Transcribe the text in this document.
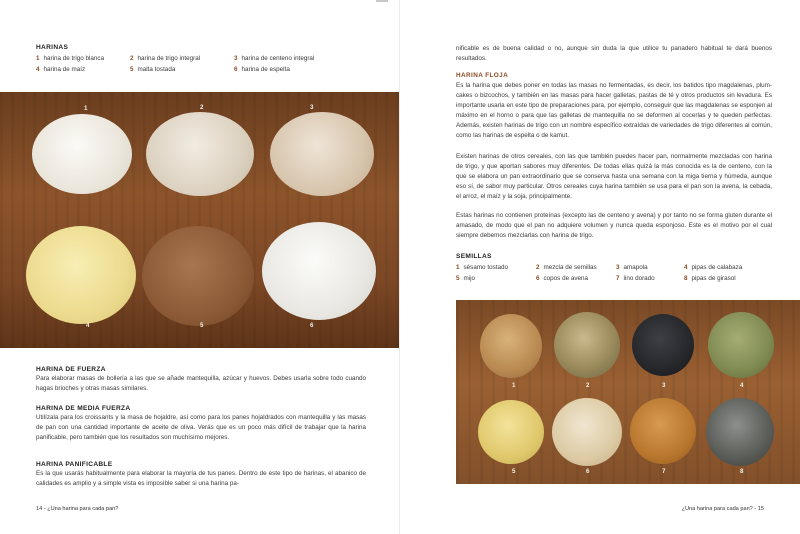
HARINAS
1 harina de trigo blanca	2 harina de trigo integral	3 harina de centeno integral
4 harina de maíz	5 malta tostada	6 harina de espelta
1	2	3
4	5	6
HARINA DE FUERZA
Para elaborar masas de bollería a las que se añade mantequilla, azúcar y huevos. Debes usarla sobre todo cuando hagas brioches y otras masas similares.
HARINA DE MEDIA FUERZA
Utilízala para los croissants y la masa de hojaldre, así como para los panes hojaldrados con mantequilla y las masas de pan con una cantidad importante de aceite de oliva. Verás que es un poco más difícil de trabajar que la harina panificable, pero también que los resultados son muchísimo mejores.
HARINA PANIFICABLE
Es la que usarás habitualmente para elaborar la mayoría de tus panes. Dentro de este tipo de harinas, el abanico de calidades es amplio y a simple vista es imposible saber si una harina pa-
14 - ¿Una harina para cada pan?
nificable es de buena calidad o no, aunque sin duda la que utilice tu panadero habitual te dará buenos resultados.
HARINA FLOJA
Es la harina que debes poner en todas las masas no fermentadas, es decir, los batidos tipo magdalenas, plum-cakes o bizcochos, y también en las masas para hacer galletas, pastas de té y otros productos sin levadura. Es importante usarla en este tipo de preparaciones para, por ejemplo, conseguir que las magdalenas se esponjen al máximo en el horno o para que las galletas de mantequilla no se deformen al cocerlas y te queden perfectas. Además, existen harinas de trigo con un nombre específico extraídas de variedades de trigo diferentes al común, como las harinas de espelta o de kamut.
Existen harinas de otros cereales, con las que también puedes hacer pan, normalmente mezcladas con harina de trigo, y que aportan sabores muy diferentes. De todas ellas quizá la más conocida es la de centeno, con la que se elabora un pan extraordinario que se conserva hasta una semana con la miga tierna y húmeda, aunque eso sí, de sabor muy particular. Otros cereales cuya harina también se usa para el pan son la avena, la cebada, el arroz, el maíz y la soja, principalmente.
Estas harinas no contienen proteínas (excepto las de centeno y avena) y por tanto no se forma gluten durante el amasado, de modo que el pan no adquiere volumen y nunca queda esponjoso. Este es el motivo por el cual siempre debemos mezclarlas con harina de trigo.
SEMILLAS
1 sésamo tostado	2 mezcla de semillas	3 amapola	4 pipas de calabaza
5 mijo	6 copos de avena	7 lino dorado	8 pipas de girasol
1	2	3	4
5	6	7	8
¿Una harina para cada pan? - 15
